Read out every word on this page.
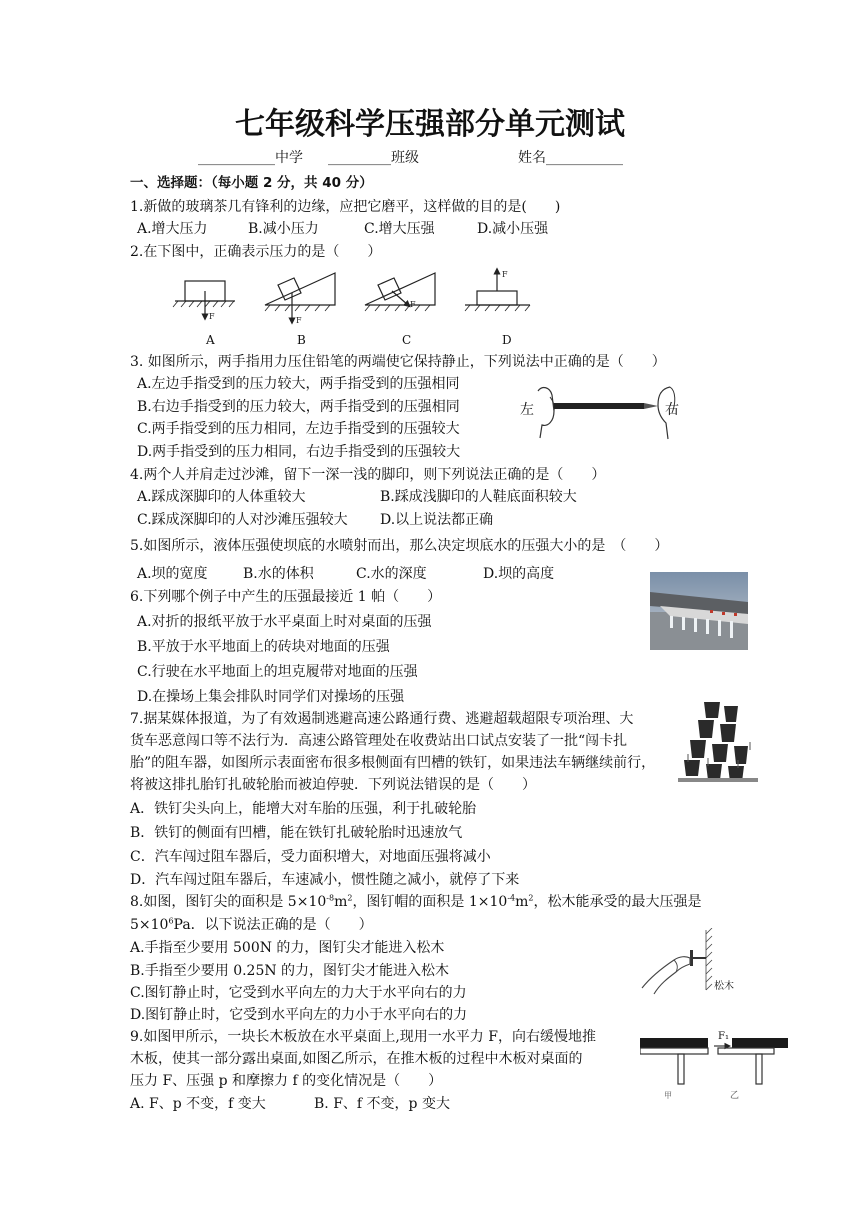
七年级科学压强部分单元测试
___________中学 _________班级	姓名___________
一、选择题：（每小题 2 分，共 40 分）
1.新做的玻璃茶几有锋利的边缘，应把它磨平，这样做的目的是(　　)
A.增大压力	B.减小压力	C.增大压强	D.减小压强
2.在下图中，正确表示压力的是（　　）
F	F
F
F
A	B	C	D
3. 如图所示，两手指用力压住铅笔的两端使它保持静止，下列说法中正确的是（　　）
A.左边手指受到的压力较大，两手指受到的压强相同
B.右边手指受到的压力较大，两手指受到的压强相同
C.两手指受到的压力相同，左边手指受到的压强较大
D.两手指受到的压力相同，右边手指受到的压强较大
左	右
4.两个人并肩走过沙滩，留下一深一浅的脚印，则下列说法正确的是（　　）
A.踩成深脚印的人体重较大	B.踩成浅脚印的人鞋底面积较大
C.踩成深脚印的人对沙滩压强较大 D.以上说法都正确
5.如图所示，液体压强使坝底的水喷射而出，那么决定坝底水的压强大小的是　（　　）
A.坝的宽度	B.水的体积	C.水的深度	D.坝的高度
6.下列哪个例子中产生的压强最接近 1 帕（　　）
A.对折的报纸平放于水平桌面上时对桌面的压强
B.平放于水平地面上的砖块对地面的压强
C.行驶在水平地面上的坦克履带对地面的压强
D.在操场上集会排队时同学们对操场的压强
7.据某媒体报道，为了有效遏制逃避高速公路通行费、逃避超载超限专项治理、大
货车恶意闯口等不法行为．高速公路管理处在收费站出口试点安装了一批“闯卡扎
胎”的阻车器，如图所示表面密布很多根侧面有凹槽的铁钉，如果违法车辆继续前行，
将被这排扎胎钉扎破轮胎而被迫停驶．下列说法错误的是（　　）
A．铁钉尖头向上，能增大对车胎的压强，利于扎破轮胎
B．铁钉的侧面有凹槽，能在铁钉扎破轮胎时迅速放气
C．汽车闯过阻车器后，受力面积增大，对地面压强将减小
D．汽车闯过阻车器后，车速减小，惯性随之减小，就停了下来
8.如图，图钉尖的面积是 $5\times 10^{-8}m^2$，图钉帽的面积是 $1\times 10^{-4}m^2$，松木能承受的最大压强是
$5\times 10^6Pa$．以下说法正确的是（　　）
A.手指至少要用 500N 的力，图钉尖才能进入松木
B.手指至少要用 0.25N 的力，图钉尖才能进入松木
C.图钉静止时，它受到水平向左的力大于水平向右的力
D.图钉静止时，它受到水平向左的力小于水平向右的力
松木
9.如图甲所示，一块长木板放在水平桌面上,现用一水平力 F，向右缓慢地推
木板，使其一部分露出桌面,如图乙所示，在推木板的过程中木板对桌面的
压力 F、压强 p 和摩擦力 f 的变化情况是（　　）
A. F、p 不变，f 变大	B. F、f 不变，p 变大
甲	乙
F₁
